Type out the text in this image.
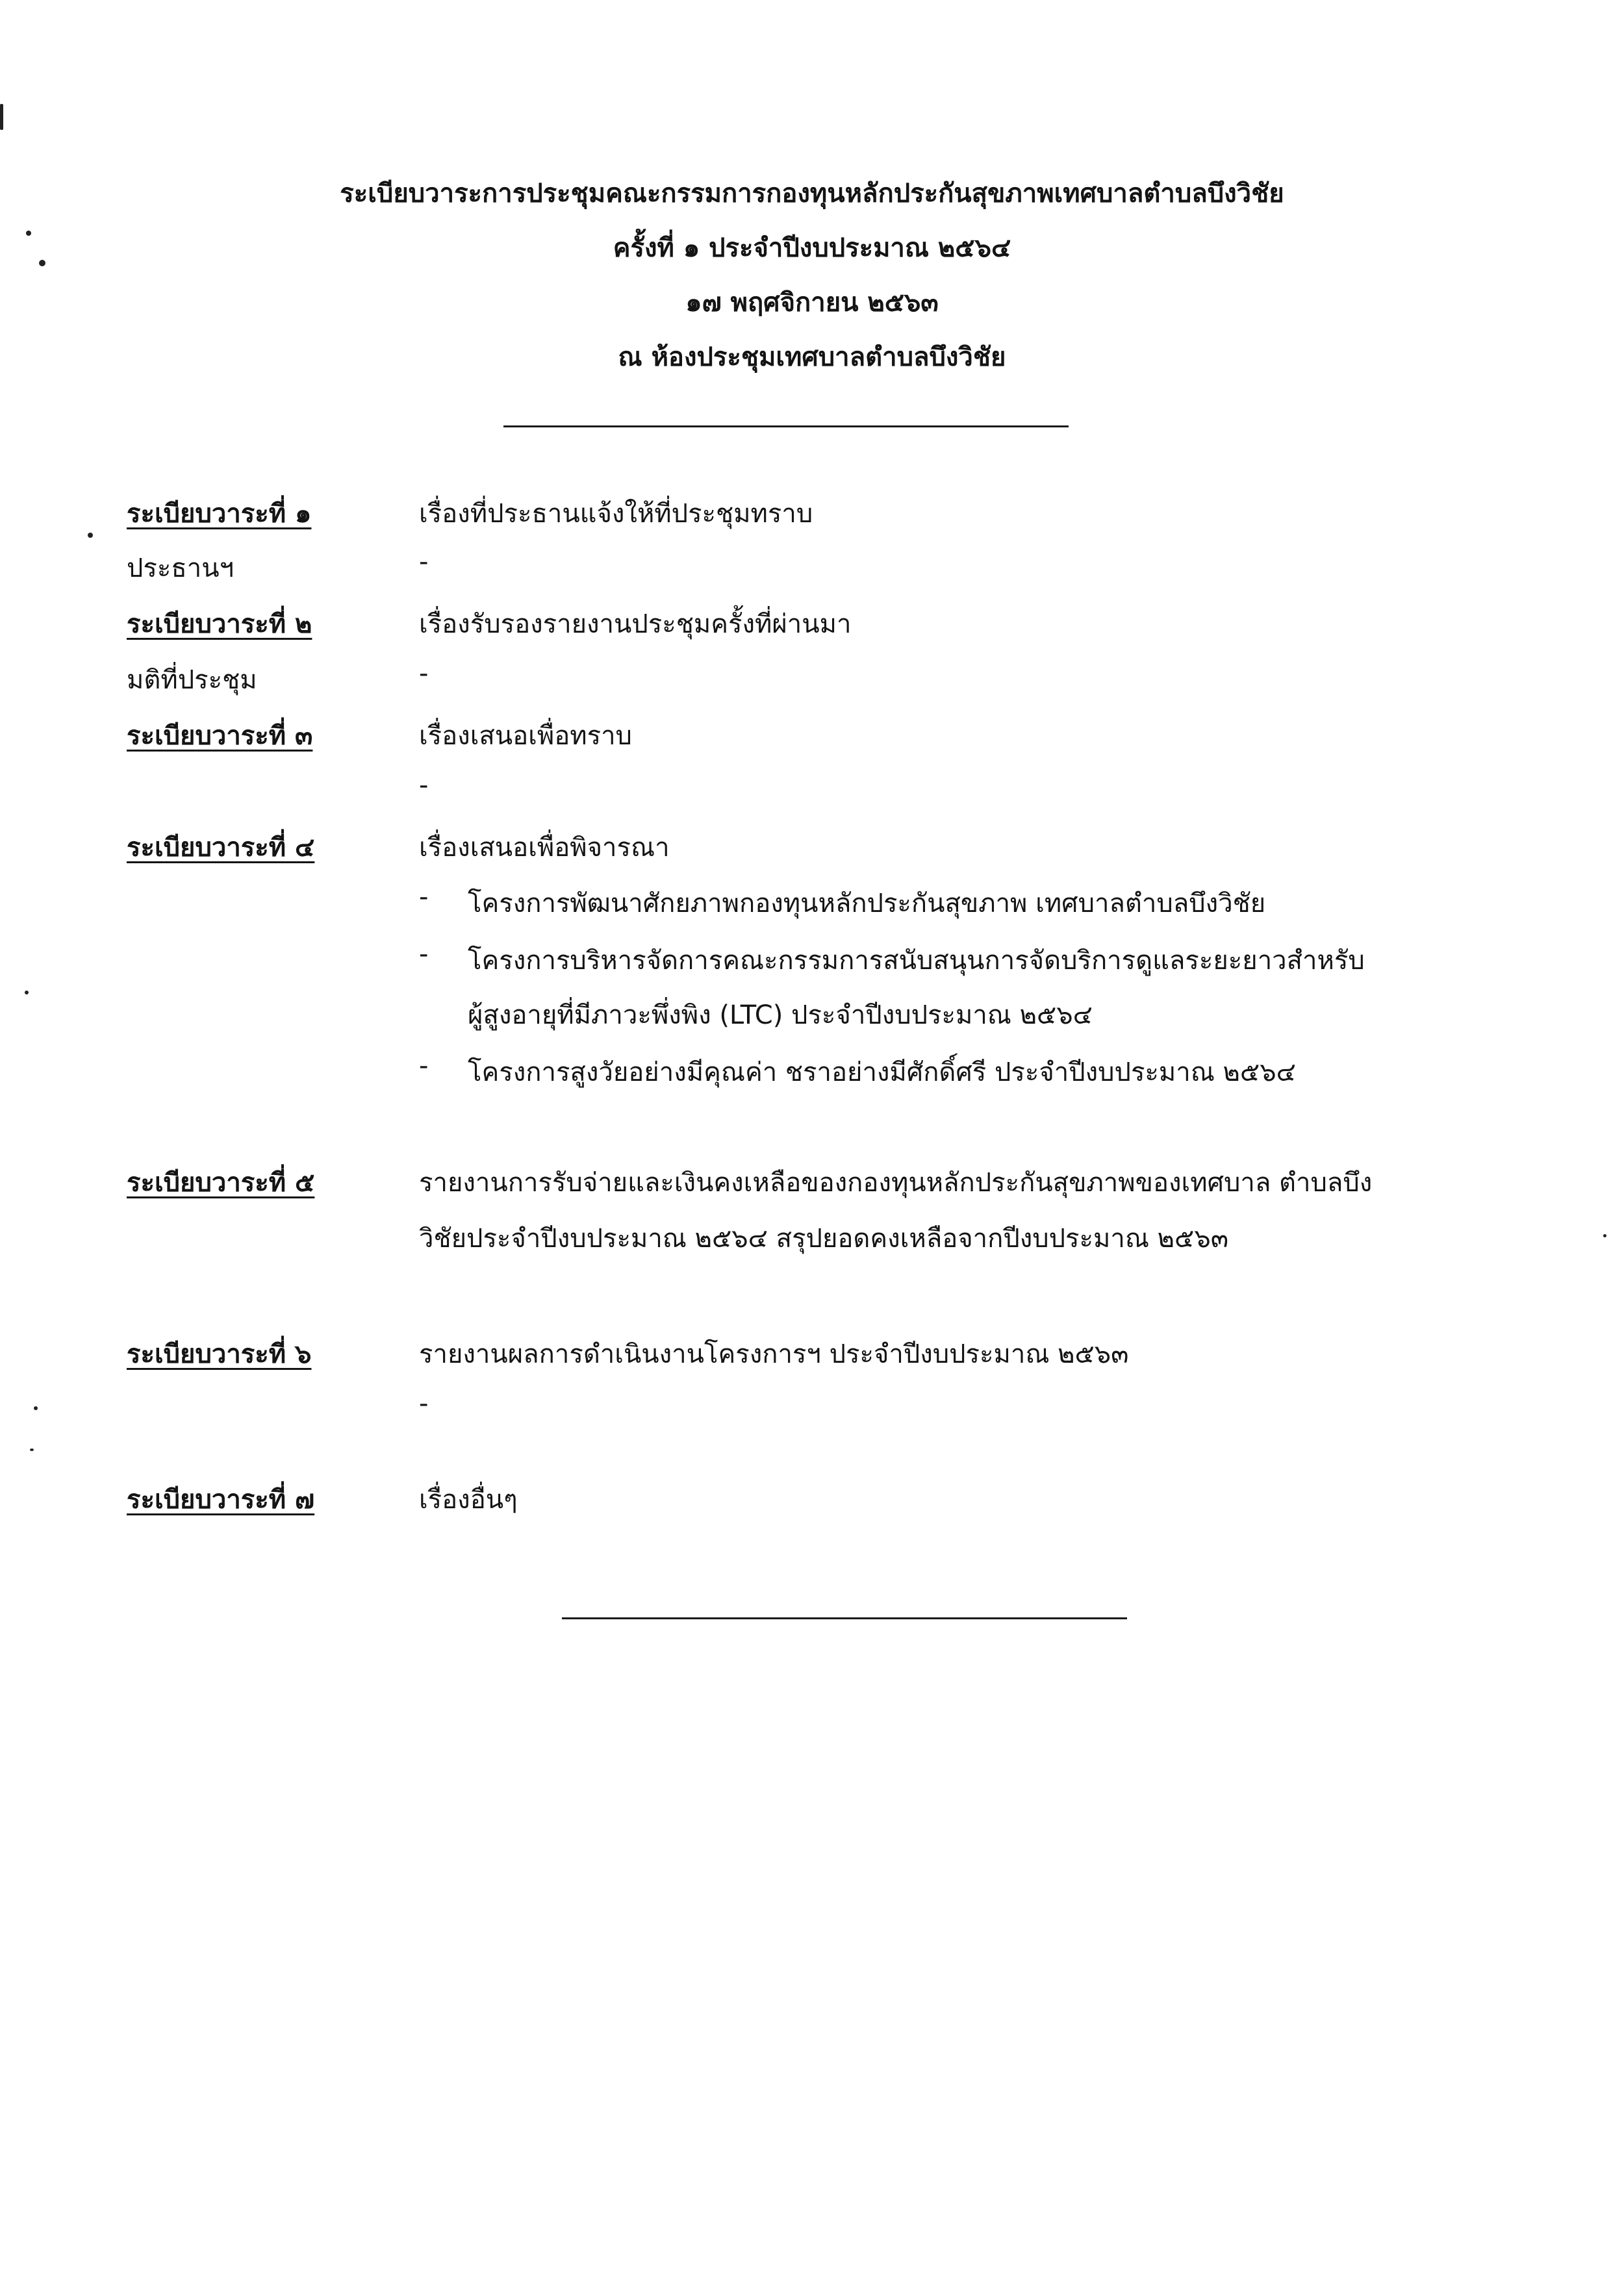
ระเบียบวาระการประชุมคณะกรรมการกองทุนหลักประกันสุขภาพเทศบาลตำบลบึงวิชัย
ครั้งที่ ๑ ประจำปีงบประมาณ ๒๕๖๔
๑๗ พฤศจิกายน ๒๕๖๓
ณ ห้องประชุมเทศบาลตำบลบึงวิชัย
ระเบียบวาระที่ ๑	เรื่องที่ประธานแจ้งให้ที่ประชุมทราบ
ประธานฯ	-
ระเบียบวาระที่ ๒	เรื่องรับรองรายงานประชุมครั้งที่ผ่านมา
มติที่ประชุม	-
ระเบียบวาระที่ ๓	เรื่องเสนอเพื่อทราบ
-
ระเบียบวาระที่ ๔	เรื่องเสนอเพื่อพิจารณา
- โครงการพัฒนาศักยภาพกองทุนหลักประกันสุขภาพ เทศบาลตำบลบึงวิชัย
- โครงการบริหารจัดการคณะกรรมการสนับสนุนการจัดบริการดูแลระยะยาวสำหรับ
ผู้สูงอายุที่มีภาวะพึ่งพิง (LTC) ประจำปีงบประมาณ ๒๕๖๔
- โครงการสูงวัยอย่างมีคุณค่า ชราอย่างมีศักดิ์ศรี ประจำปีงบประมาณ ๒๕๖๔
ระเบียบวาระที่ ๕	รายงานการรับจ่ายและเงินคงเหลือของกองทุนหลักประกันสุขภาพของเทศบาล ตำบลบึง
วิชัยประจำปีงบประมาณ ๒๕๖๔ สรุปยอดคงเหลือจากปีงบประมาณ ๒๕๖๓
ระเบียบวาระที่ ๖	รายงานผลการดำเนินงานโครงการฯ ประจำปีงบประมาณ ๒๕๖๓
-
ระเบียบวาระที่ ๗	เรื่องอื่นๆ
